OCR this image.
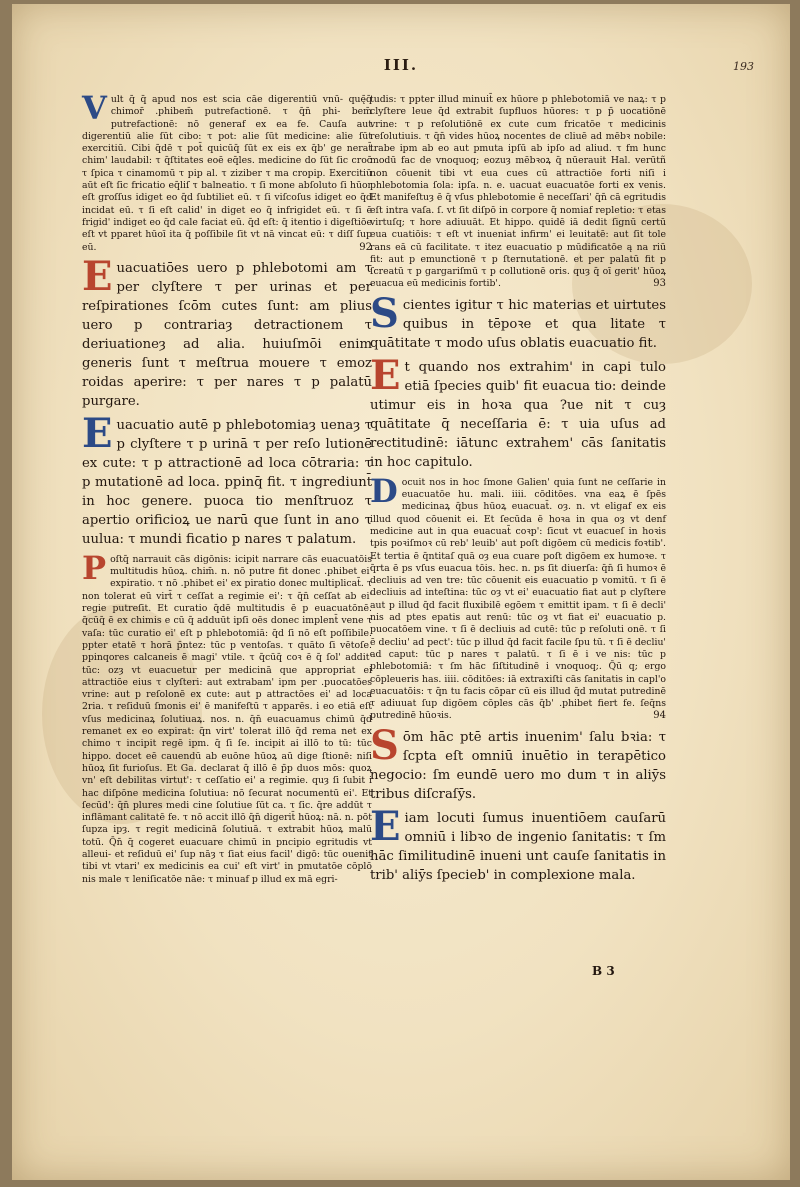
III.	193

Vult q̄ q̄ apud nos est scia cāe digerentiū vnū- quę̄q̄ chimor̄ .phibem̄ putrefactionē. τ q̄n̄ phi- bem̄ putrefactionē: nō generaf ex ea fe. Cauſa aut digerentiū alie ſūt cibo: τ pot: alie ſūt medicine: alie ſūt exercitiū. Cibi q̄dē τ pot̄ quicūq̄ ſūt ex eis ex q̄b' ge nerat̄ chim' laudabil: τ q̄ſtitates eoē eq̄les. medicine do ſūt ſic croc̄ τ ſpica τ cinamomū τ pip al. τ ziziber τ ma cropip. Exercitiū aūt eſt ſic fricatio eq̄liſ τ balneatio. τ ſi mone abſoluto ſi hūor eſt groſſus idiget eo q̄d ſubtiliet eū. τ ſi viſcoſus idiget eo q̄d incidat eū. τ ſi eſt calid' in diget eo q̄ infrigidet eū. τ ſi ē frigid' indiget eo q̄d cale faciat eū. q̄d eſt: q̄ itentio i digeſtiōe eſt vt pparet hūoī ita q̄ poſſibile ſit vt nā vincat eū: τ diſſ ſup eū.	92

Euacuatiōes uero p phlebotomi am τ per clyſtere τ per urinas et per reſpirationes ſcōm cutes ſunt: am plius uero p contrariaȝ detractionem τ deriuationeȝ ad alia. huiuſmōi enim generis ſunt τ meſtrua mouere τ emoz roidas aperire: τ per nares τ p palatū purgare.

Euacuatio autē p phlebotomiaȝ uenaȝ τ p clyſtere τ p urinā τ per reſo lutionē ex cute: τ p attractionē ad loca cōtraria: τ p mutationē ad loca. ppinq̄ fit. τ ingrediunt̄ in hoc genere. puoca tio menſtruoz τ apertio orificioꝝ ue narū que ſunt in ano τ uulua: τ mundi ficatio p nares τ palatum.

Poſtq̄ narrauit cās digōnis: icipit narrare cās euacuatōis multitudis hūoꝝ. chim̄. n. nō putre fit donec .phibet ei' expiratio. τ nō .phibet ei' ex piratio donec multiplicat̄. τ non tolerat eū virt̄ τ ceſſat a regimie ei': τ q̄n̄ ceſſat ab ei' regie putreſit. Et curatio q̄dē multitudis ē p euacuatōnē. q̄cūq̄ ē ex chimis e cū q̄ adduūt ipſi oēs donec implent̄ vene τ vaſa: tūc curatio ei' eſt p phlebotomiā: q̄d ſi nō eſt poſſibile. ppter etatē τ horā p̄ntez: tūc p ventoſas. τ quāto ſi vētoſe. ppinqores calcaneis ē magi' vtile. τ q̄cūq̄ coꝛ ē q̄ ſol' addit' tūc: ozȝ vt euacuetur per medicinā que appropriat ei attractiōe eius τ clyſteri: aut extrabam' ipm per .puocatōes vrine: aut p reſolonē ex cute: aut p attractōes ei' ad loca 2ria. τ reſiduū ſmonis ei' ē manifeſtū τ apparēs. i eo etiā eſt vſus medicinaꝝ ſolutiuaꝝ. nos. n. q̄n̄ euacuamus chimū q̄d remanet ex eo expirat: q̄n virt' tolerat illō q̄d rema net ex chimo τ incipit regē ipm. q̄ ſi ſe. incipit ai illō to tū: tūc hippo. docet eē cauendū ab euōne hūoꝝ aū dige ſtionē: niſi hūoꝝ ſit furioſus. Et Ga. declarat q̄ illō ē p̄p duos mōs: quoꝝ vn' eſt debilitas virtut': τ ceſſatio ei' a regimie. quȝ ſi ſubit i hac diſpōne medicina ſolutiua: nō ſecurat nocumentū ei'. Et ſecūd': q̄n̄ plures medi cine ſolutiue ſūt ca. τ ſic. q̄re addūt τ inflāmant calitatē fe. τ nō accit illō q̄n̄ digerit̄ hūoꝝ: nā. n. pōt ſupza ipȝ. τ regit medicinā ſolutiuā. τ extrabit hūoꝝ malū totū. Q̄n̄ q̄ cogeret euacuare chimū in pncipio egritudis vt alleui- et reſiduū ei' ſup nāȝ τ ſiat eius facil' digō: tūc ouenit tibi vt vtari' ex medicinis ea cui' eſt virt' in pmutatōe cōplō nis male τ leniſicatōe nāe: τ minuaf p illud ex mā egri-

tudis: τ ppter illud minuit̄ ex hūore p phlebotomiā ve naꝝ: τ p clyſtere leue q̄d extrabit ſupfluos hūores: τ p p̄ uocatiōnē vrine: τ p reſolutiōnē ex cute cum fricatōe τ medicinis reſolutiuis. τ q̄n̄ vides hūoꝝ nocentes de cliuē ad mēbꝛ nobile: trabe ipm ab eo aut pmuta ipſū ab ipſo ad aliud. τ fm hunc modū fac de vnoquoq; eozuȝ mēbꝛoꝝ q̄ nūerauit Hal. verūtñ non cōuenit tibi vt eua cues cū attractiōe forti niſi i phlebotomia ſola: ipſa. n. e. uacuat euacuatōe forti ex venis. Et manifeſtuȝ ē q̄ vſus phlebotomie ē neceſſari' q̄n̄ cā egritudis eſt intra vaſa. ſ. vt ſit diſpō in corpore q̄ nomiaf repletio: τ etas virtuſq; τ hore adiuuāt. Et hippo. quidē iā dedit ſignū certū eua cuatiōis: τ eſt vt inueniat infirm' ei leuitatē: aut ſit tole rans eā cū facilitate. τ itez euacuatio p mūdificatōe ą na riū fit: aut p emunctionē τ p ſternutationē. et per palatū fit p ſcreatū τ p gargariſmū τ p collutionē oris. quȝ q̄ oī gerit' hūoꝝ euacua eū medicinis fortib'.	93

Scientes igitur τ hic materias et uirtutes quibus in tēpoꝛe et qua litate τ quātitate τ modo uſus oblatis euacuatio fit.

Et quando nos extrahim' in capi tulo etiā ſpecies quib' fit euacua tio: deinde utimur eis in hoꝛa qua ?ue nit τ cuȝ quātitate q̄ neceſſaria ē: τ uia uſus ad rectitudinē: iātunc extrahem' cās ſanitatis in hoc capitulo.

Docuit nos in hoc ſmone Galien' quia ſunt ne ceſſarie in euacuatōe hu. mali. iiii. cōditōes. vna eaꝝ ē ſpēs medicinaꝝ q̄bus hūoꝝ euacuat̄. oȝ. n. vt eligaf ex eis illud quod cōuenit ei. Et ſecūda ē hoꝛa in qua oȝ vt denf medicine aut in qua euacuat̄ coꝛp': ſicut vt euacueſ in hoꝛis tpis poꝛiſmoꝛ cū reb' leuib' aut poſt digōem cū medicis foꝛtib'. Et tertia ē q̄ntitaſ quā oȝ eua cuare poſt digōem ex humoꝛe. τ q̄rta ē ps vſus euacua tōis. hec. n. ps ſit diuerſa: q̄n̄ ſi humoꝛ ē decliuis ad ven tre: tūc cōuenit eis euacuatio p vomitū. τ ſi ē decliuis ad inteſtina: tūc oȝ vt ei' euacuatio fiat aut p clyſtere aut p illud q̄d facit fluxibilē egōem τ emittit ipam. τ ſi ē decli' nis ad ptes epatis aut renū: tūc oȝ vt fiat ei' euacuatio p. puocatōem vine. τ ſi ē decliuis ad cutē: tūc p reſoluti onē. τ ſi ē decliu' ad pect': tūc p illud q̄d facit facile ſpu tū. τ ſi ē decliu' ad caput: tūc p nares τ palatū. τ ſi ē i ve nis: tūc p phlebotomiā: τ ſm hāc ſiſtitudinē i vnoquoq;. Q̄ū q; ergo cōpleueris has. iiii. cōditōes: iā extraxiſti cās ſanitatis in capl'o euacuatōis: τ q̄n tu facis cōpar cū eis illud q̄d mutat putredinē τ adiuuat ſup digōem cōples cās q̄b' .phibet fiert fe. ſeq̄ns putredinē hūoꝛis.	94

Sōm hāc ptē artis inuenim' ſalu bꝛia: τ ſcpta eſt omniū inuētio in terapētico negocio: ſm eundē uero mo dum τ in aliȳs tribus diſcraſȳs.

Eiam locuti ſumus inuentiōem cauſarū omniū i libꝛo de ingenio ſanitatis: τ ſm hāc ſimilitudinē inueni unt cauſe ſanitatis in trib' aliȳs ſpecieb' in complexione mala.

B 3
